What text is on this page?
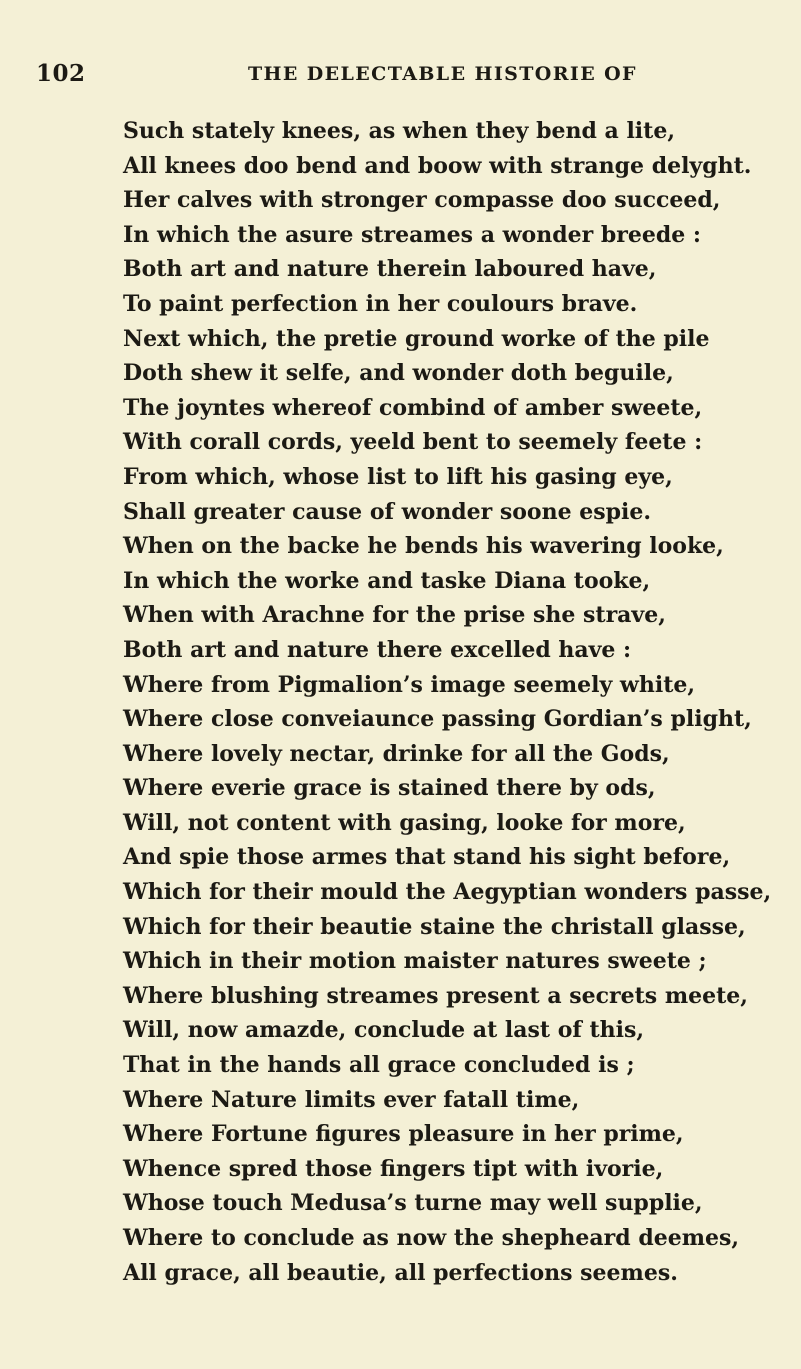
102	THE DELECTABLE HISTORIE OF
Such stately knees, as when they bend a lite,
All knees doo bend and boow with strange delyght.
Her calves with stronger compasse doo succeed,
In which the asure streames a wonder breede :
Both art and nature therein laboured have,
To paint perfection in her coulours brave.
Next which, the pretie ground worke of the pile
Doth shew it selfe, and wonder doth beguile,
The joyntes whereof combind of amber sweete,
With corall cords, yeeld bent to seemely feete :
From which, whose list to lift his gasing eye,
Shall greater cause of wonder soone espie.
When on the backe he bends his wavering looke,
In which the worke and taske Diana tooke,
When with Arachne for the prise she strave,
Both art and nature there excelled have :
Where from Pigmalion’s image seemely white,
Where close conveiaunce passing Gordian’s plight,
Where lovely nectar, drinke for all the Gods,
Where everie grace is stained there by ods,
Will, not content with gasing, looke for more,
And spie those armes that stand his sight before,
Which for their mould the Aegyptian wonders passe,
Which for their beautie staine the christall glasse,
Which in their motion maister natures sweete ;
Where blushing streames present a secrets meete,
Will, now amazde, conclude at last of this,
That in the hands all grace concluded is ;
Where Nature limits ever fatall time,
Where Fortune figures pleasure in her prime,
Whence spred those fingers tipt with ivorie,
Whose touch Medusa’s turne may well supplie,
Where to conclude as now the shepheard deemes,
All grace, all beautie, all perfections seemes.
